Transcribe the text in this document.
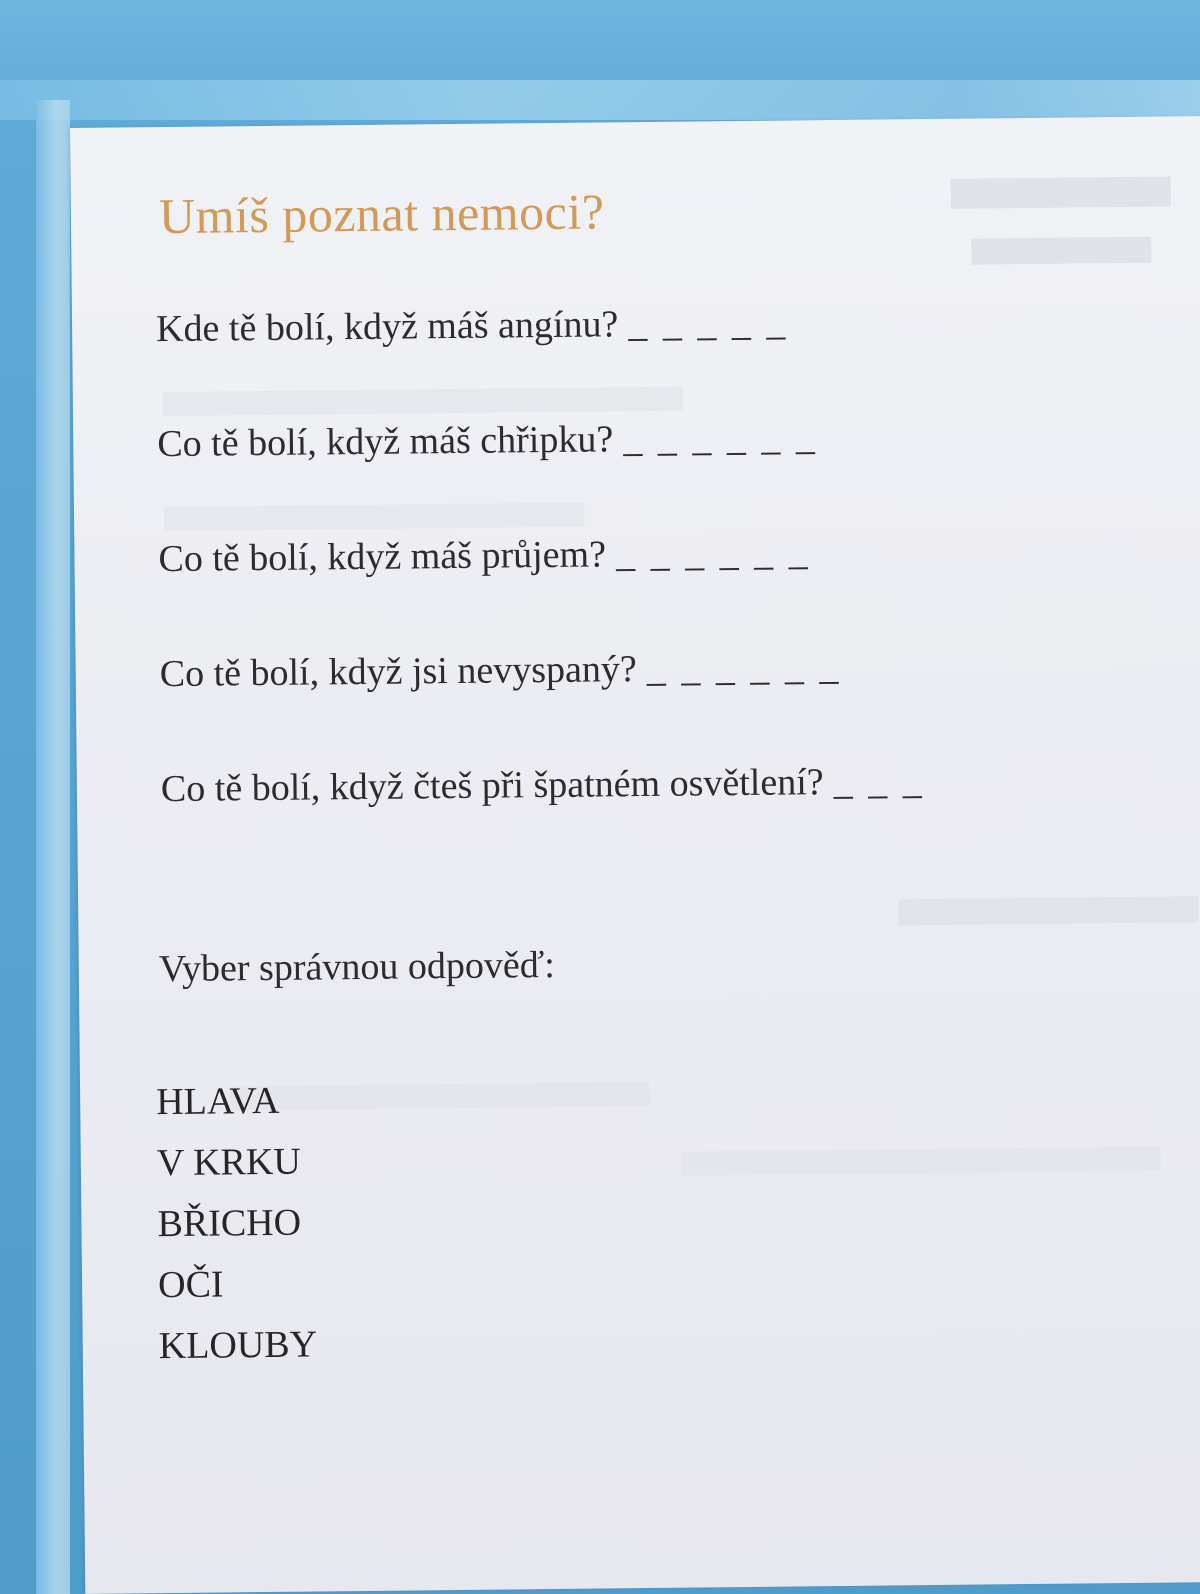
Umíš poznat nemoci?
Kde tě bolí, když máš angínu? _ _ _ _ _
Co tě bolí, když máš chřipku? _ _ _ _ _ _
Co tě bolí, když máš průjem? _ _ _ _ _ _
Co tě bolí, když jsi nevyspaný? _ _ _ _ _ _
Co tě bolí, když čteš při špatném osvětlení? _ _ _

Vyber správnou odpověď:

HLAVA
V KRKU
BŘICHO
OČI
KLOUBY
